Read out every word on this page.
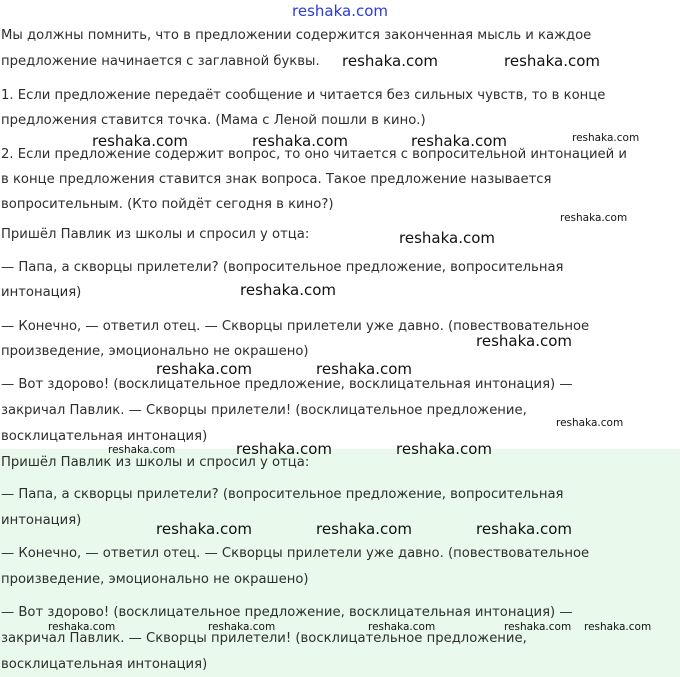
reshaka.com
Мы должны помнить, что в предложении содержится законченная мысль и каждое
предложение начинается с заглавной буквы.
1. Если предложение передаёт сообщение и читается без сильных чувств, то в конце
предложения ставится точка. (Мама с Леной пошли в кино.)
2. Если предложение содержит вопрос, то оно читается с вопросительной интонацией и
в конце предложения ставится знак вопроса. Такое предложение называется
вопросительным. (Кто пойдёт сегодня в кино?)
Пришёл Павлик из школы и спросил у отца:
— Папа, а скворцы прилетели? (вопросительное предложение, вопросительная
интонация)
— Конечно, — ответил отец. — Скворцы прилетели уже давно. (повествовательное
произведение, эмоционально не окрашено)
— Вот здорово! (восклицательное предложение, восклицательная интонация) —
закричал Павлик. — Скворцы прилетели! (восклицательное предложение,
восклицательная интонация)
Пришёл Павлик из школы и спросил у отца:
— Папа, а скворцы прилетели? (вопросительное предложение, вопросительная
интонация)
— Конечно, — ответил отец. — Скворцы прилетели уже давно. (повествовательное
произведение, эмоционально не окрашено)
— Вот здорово! (восклицательное предложение, восклицательная интонация) —
закричал Павлик. — Скворцы прилетели! (восклицательное предложение,
восклицательная интонация)
reshaka.com	reshaka.com
reshaka.com	reshaka.com	reshaka.com	reshaka.com
reshaka.com
reshaka.com
reshaka.com
reshaka.com
reshaka.com	reshaka.com
reshaka.com
reshaka.com	reshaka.com	reshaka.com
reshaka.com	reshaka.com	reshaka.com
reshaka.com	reshaka.com	reshaka.com	reshaka.com reshaka.com
